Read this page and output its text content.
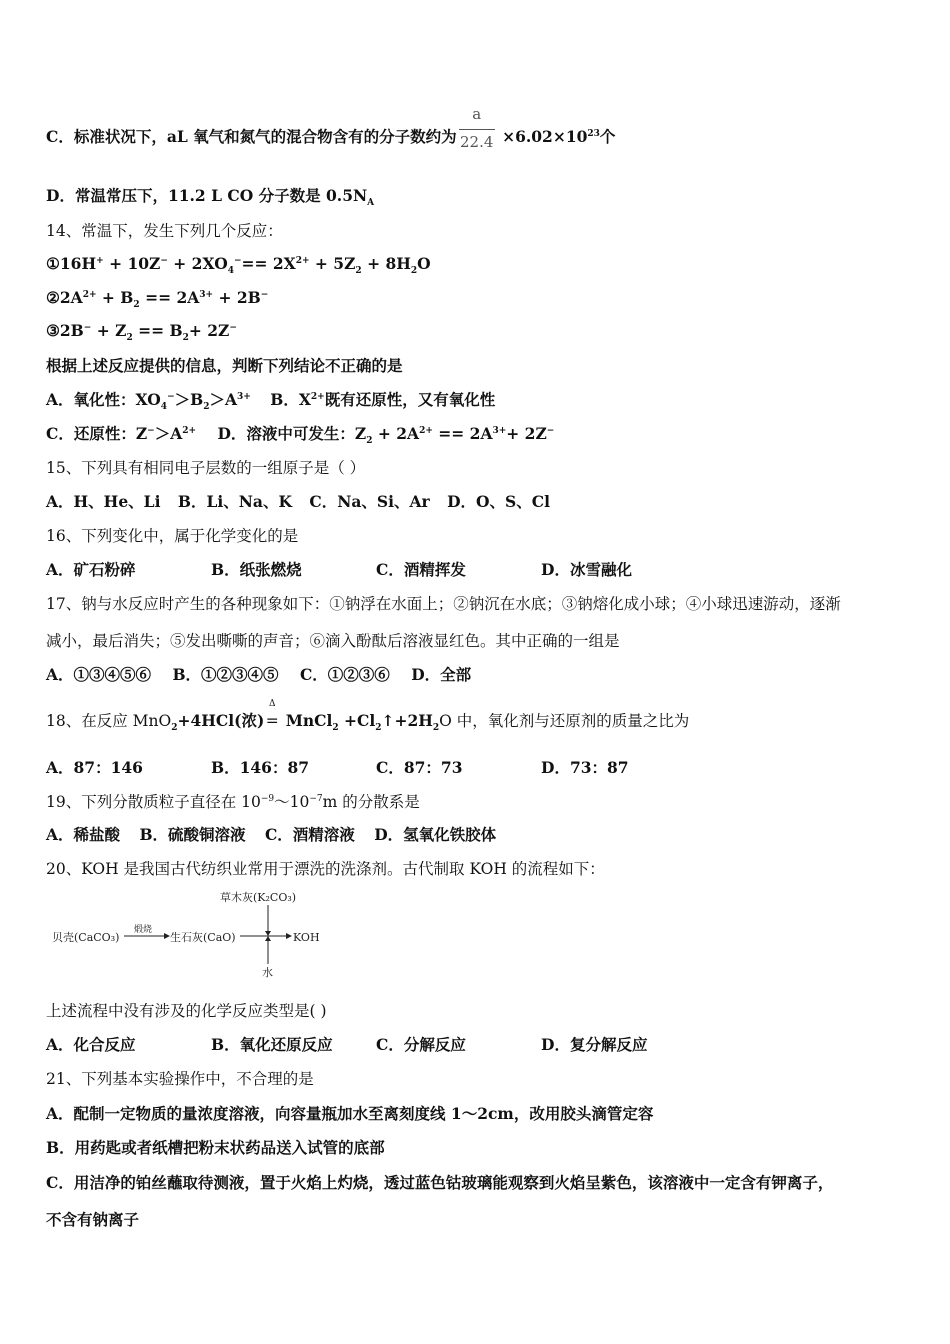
C．标准状况下，aL 氧气和氮气的混合物含有的分子数约为 $\frac{a}{22.4} \times 6.02\times 10^{23}$个
D．常温常压下，11.2 L CO 分子数是 $0.5N_A$
14、常温下，发生下列几个反应：
①16H+ + $10Z^- + 2XO_4^-== 2X^{2+} + 5Z_2 + 8H_2O$
$②2A^{2+} + B_2 == 2A^{3+} + 2B^-$
③2B− + $Z_2 == B_2+ 2Z^-$
根据上述反应提供的信息，判断下列结论不正确的是
A．氧化性：$XO_4^->B_2>A^{3+}$ B．$X^{2+}$既有还原性，又有氧化性
C．还原性：$Z^->A^{2+}$ D．溶液中可发生：$Z_2 + 2A^{2+} == 2A^{3+}+ 2Z^-$
15、下列具有相同电子层数的一组原子是（ ）
A．H、He、Li B．Li、Na、K C．Na、Si、Ar D．O、S、Cl
16、下列变化中，属于化学变化的是
A．矿石粉碎	B．纸张燃烧	C．酒精挥发	D．冰雪融化
17、钠与水反应时产生的各种现象如下：①钠浮在水面上；②钠沉在水底；③钠熔化成小球；④小球迅速游动，逐渐
减小，最后消失；⑤发出嘶嘶的声音；⑥滴入酚酞后溶液显红色。其中正确的一组是
A．①③④⑤⑥ B．①②③④⑤ C．①②③⑥ D．全部
18、在反应 MnO$_2$+4HCl(浓)
Δ
= MnCl$_2$ $+Cl_2↑+2H_2O$ 中，氧化剂与还原剂的质量之比为
A．87：146	B．146：87	C．87：73	D．73：87
19、下列分散质粒子直径在 $10^{-9}\sim 10^{-7}m$ 的分散系是
A．稀盐酸 B．硫酸铜溶液 C．酒精溶液 D．氢氧化铁胶体
20、KOH 是我国古代纺织业常用于漂洗的洗涤剂。古代制取 KOH 的流程如下：
贝壳(CaCO₃)
煅烧
生石灰(CaO)
草木灰(K₂CO₃)
KOH
水
上述流程中没有涉及的化学反应类型是( )
A．化合反应	B．氧化还原反应	C．分解反应	D．复分解反应
21、下列基本实验操作中，不合理的是
A．配制一定物质的量浓度溶液，向容量瓶加水至离刻度线 1～2cm，改用胶头滴管定容
B．用药匙或者纸槽把粉末状药品送入试管的底部
C．用洁净的铂丝蘸取待测液，置于火焰上灼烧，透过蓝色钴玻璃能观察到火焰呈紫色，该溶液中一定含有钾离子，
不含有钠离子
